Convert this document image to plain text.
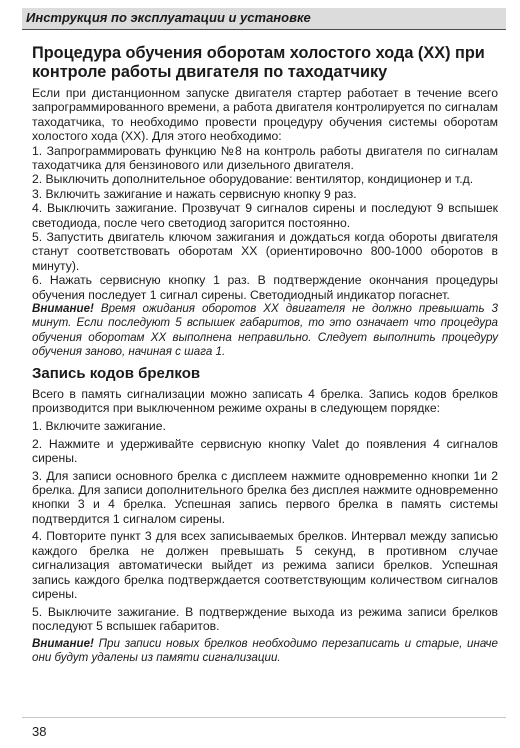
Инструкция по эксплуатации и установке
Процедура обучения оборотам холостого хода (ХХ) при контроле работы двигателя по таходатчику

Если при дистанционном запуске двигателя стартер работает в течение всего запрограммированного времени, а работа двигателя контролируется по сигналам таходатчика, то необходимо провести процедуру обучения системы оборотам холостого хода (ХХ). Для этого необходимо:

1. Запрограммировать функцию №8 на контроль работы двигателя по сигналам таходатчика для бензинового или дизельного двигателя.

2. Выключить дополнительное оборудование: вентилятор, кондиционер и т.д.

3. Включить зажигание и нажать сервисную кнопку 9 раз.

4. Выключить зажигание. Прозвучат 9 сигналов сирены и последуют 9 вспышек светодиода, после чего светодиод загорится постоянно.

5. Запустить двигатель ключом зажигания и дождаться когда обороты двигателя станут соответствовать оборотам ХХ (ориентировочно 800-1000 оборотов в минуту).

6. Нажать сервисную кнопку 1 раз. В подтверждение окончания процедуры обучения последует 1 сигнал сирены. Светодиодный индикатор погаснет.

Внимание! Время ожидания оборотов ХХ двигателя не должно превышать 3 минут. Если последуют 5 вспышек габаритов, то это означает что процедура обучения оборотам ХХ выполнена неправильно. Следует выполнить процедуру обучения заново, начиная с шага 1.

Запись кодов брелков

Всего в память сигнализации можно записать 4 брелка. Запись кодов брелков производится при выключенном режиме охраны в следующем порядке:

1. Включите зажигание.

2. Нажмите и удерживайте сервисную кнопку Valet до появления 4 сигналов сирены.

3. Для записи основного брелка с дисплеем нажмите одновременно кнопки 1и 2 брелка. Для записи дополнительного брелка без дисплея нажмите одновременно кнопки 3 и 4 брелка. Успешная запись первого брелка в память системы подтвердится 1 сигналом сирены.

4. Повторите пункт 3 для всех записываемых брелков. Интервал между записью каждого брелка не должен превышать 5 секунд, в противном случае сигнализация автоматически выйдет из режима записи брелков. Успешная запись каждого брелка подтверждается соответствующим количеством сигналов сирены.

5. Выключите зажигание. В подтверждение выхода из режима записи брелков последуют 5 вспышек габаритов.

Внимание! При записи новых брелков необходимо перезаписать и старые, иначе они будут удалены из памяти сигнализации.

38
